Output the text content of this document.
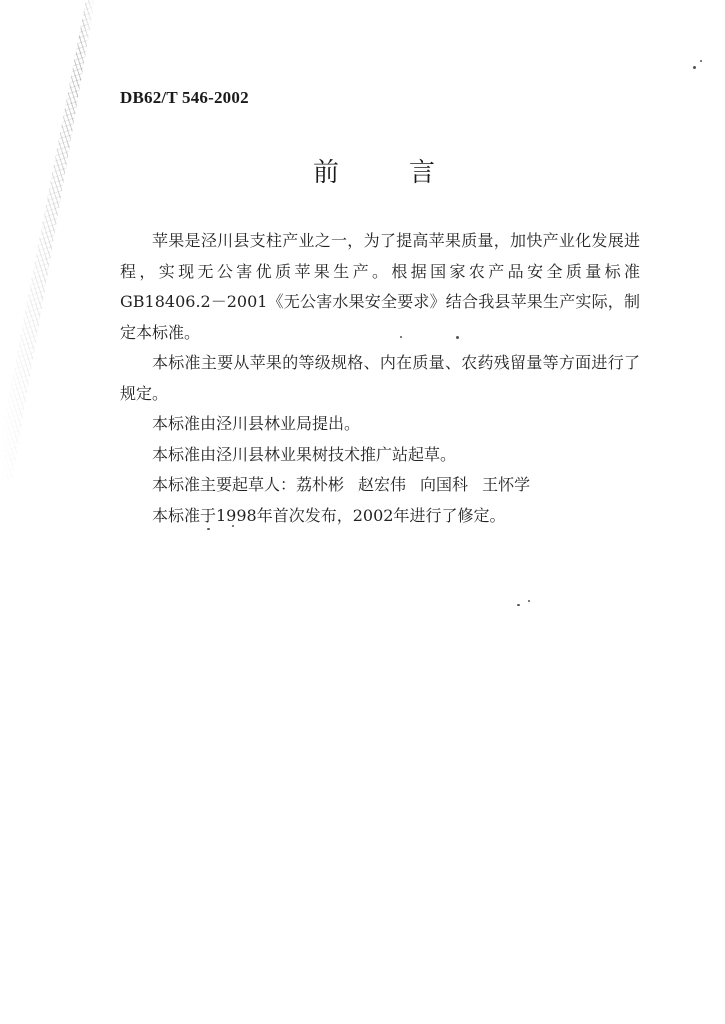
DB62/T 546-2002
前言

苹果是泾川县支柱产业之一，为了提高苹果质量，加快产业化发展进程，实现无公害优质苹果生产。根据国家农产品安全质量标准GB18406.2－2001《无公害水果安全要求》结合我县苹果生产实际，制定本标准。

本标准主要从苹果的等级规格、内在质量、农药残留量等方面进行了规定。

本标准由泾川县林业局提出。

本标准由泾川县林业果树技术推广站起草。

本标准主要起草人：荔朴彬 赵宏伟 向国科 王怀学

本标准于1998年首次发布，2002年进行了修定。
